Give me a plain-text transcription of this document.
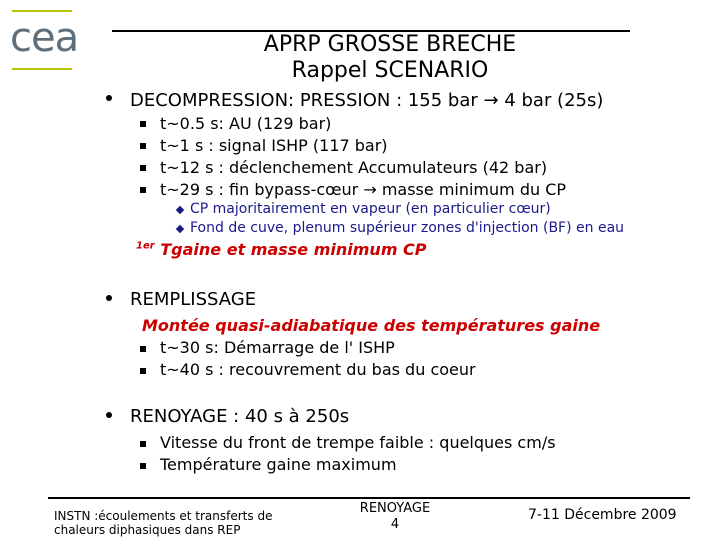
cea	APRP GROSSE BRECHE
Rappel SCENARIO
DECOMPRESSION: PRESSION : 155 bar → 4 bar (25s)
t~0.5 s: AU (129 bar)
t~1 s : signal ISHP (117 bar)
t~12 s : déclenchement Accumulateurs (42 bar)
t~29 s : fin bypass-cœur → masse minimum du CP
CP majoritairement en vapeur (en particulier cœur)
Fond de cuve, plenum supérieur zones d'injection (BF) en eau
$^{1er}$ Tgaine et masse minimum CP
REMPLISSAGE
Montée quasi-adiabatique des températures gaine
t~30 s: Démarrage de l' ISHP
t~40 s : recouvrement du bas du coeur
RENOYAGE : 40 s à 250s
Vitesse du front de trempe faible : quelques cm/s
Température gaine maximum
INSTN :écoulements et transferts de
chaleurs diphasiques dans REP
RENOYAGE
4
7-11 Décembre 2009
